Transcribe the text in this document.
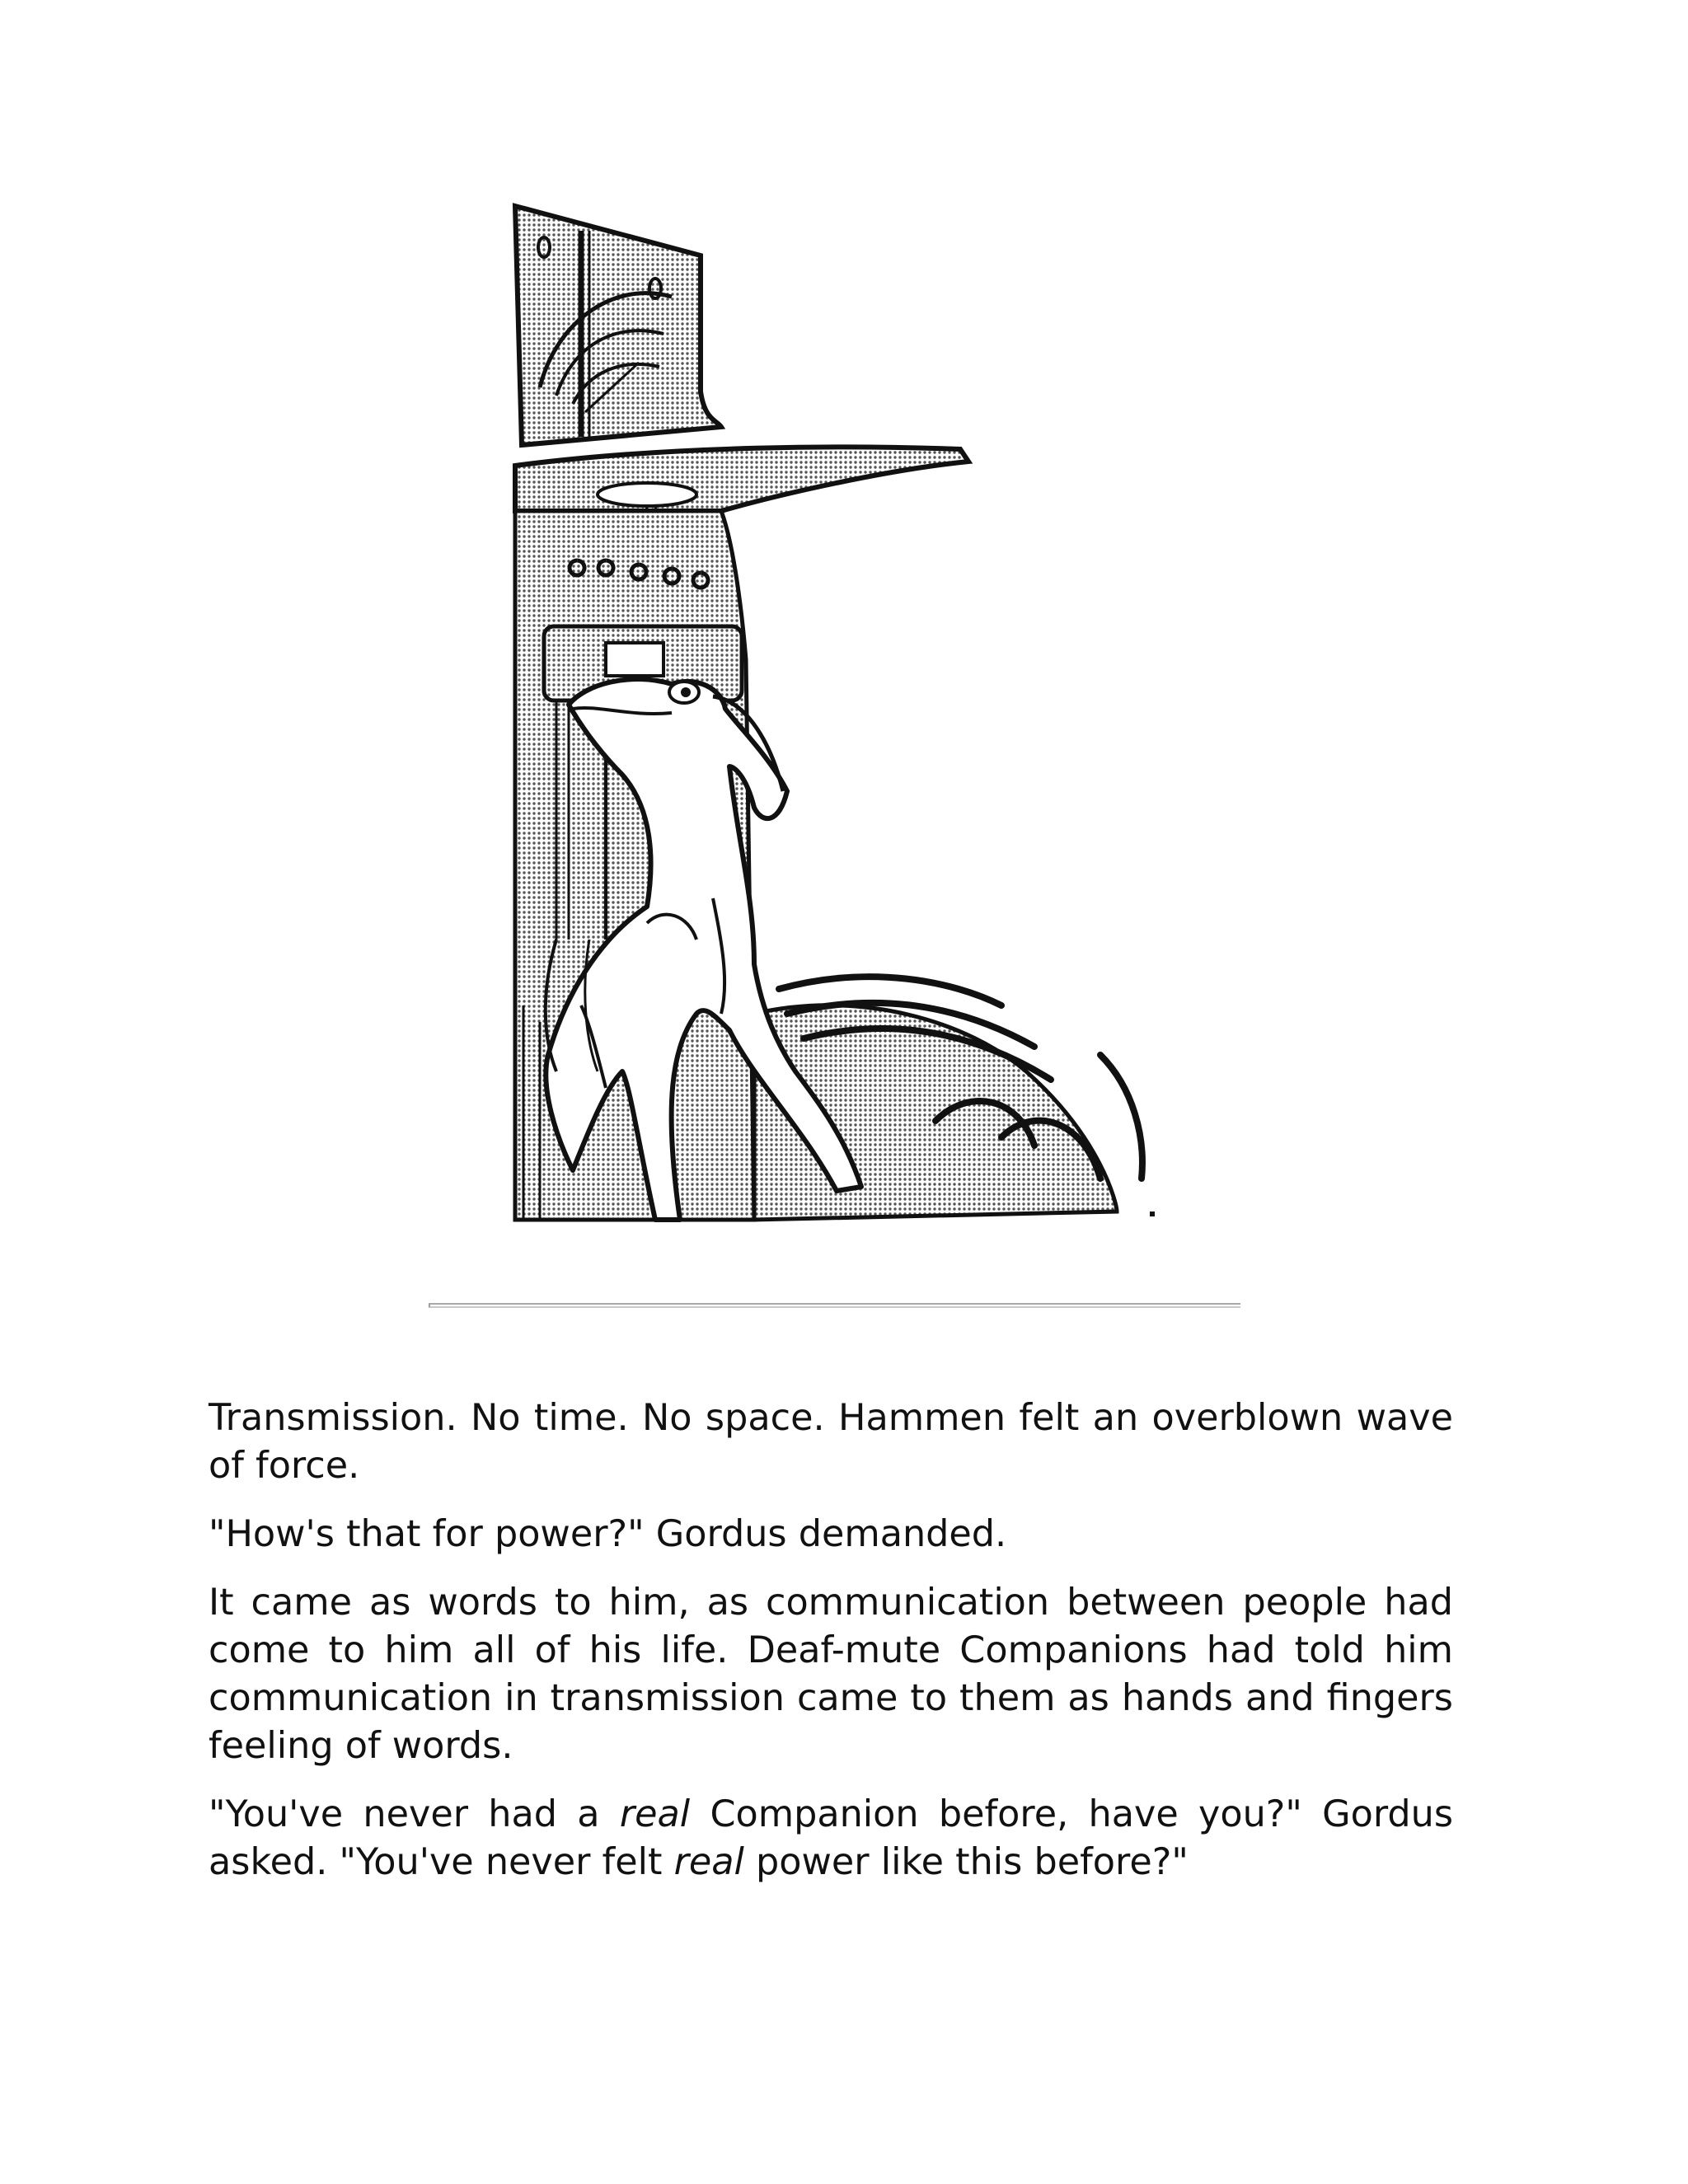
Transmission. No time. No space. Hammen felt an overblown wave of force.

"How's that for power?" Gordus demanded.

It came as words to him, as communication between people had come to him all of his life. Deaf-mute Companions had told him communication in transmission came to them as hands and fingers feeling of words.

"You've never had a real Companion before, have you?" Gordus asked. "You've never felt real power like this before?"
